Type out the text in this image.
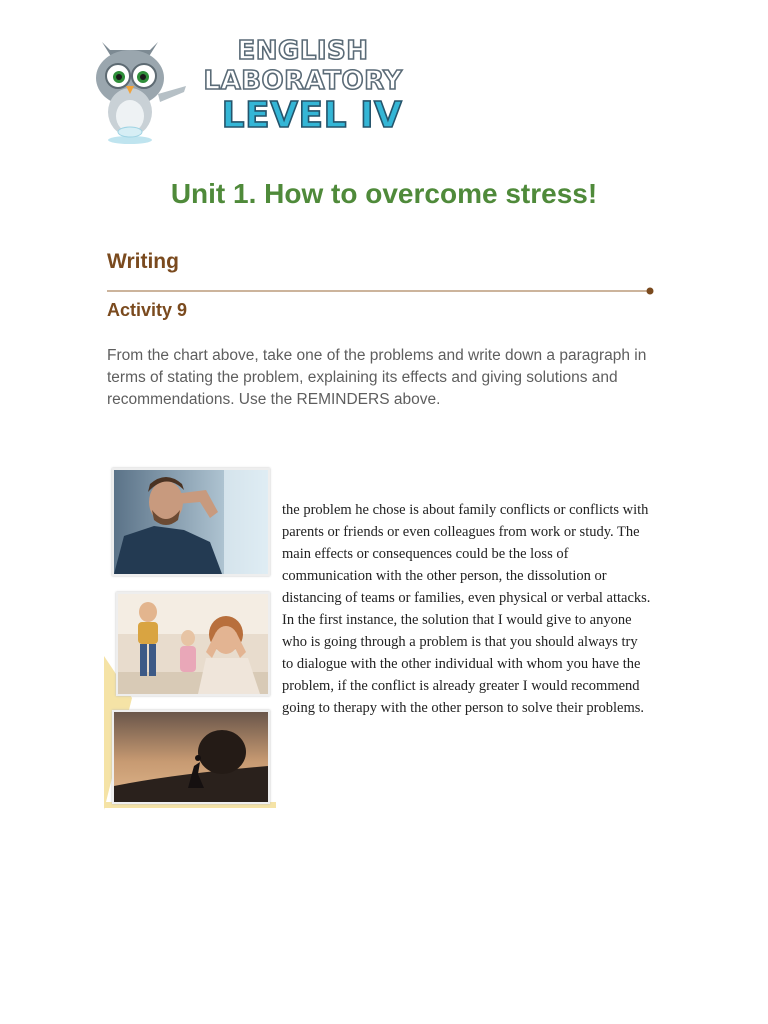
ENGLISH
LABORATORY
LEVEL IV
Unit 1. How to overcome stress!
Writing
Activity 9

From the chart above, take one of the problems and write down a paragraph in terms of stating the problem, explaining its effects and giving solutions and recommendations. Use the REMINDERS above.

the problem he chose is about family conflicts or conflicts with parents or friends or even colleagues from work or study. The main effects or consequences could be the loss of communication with the other person, the dissolution or distancing of teams or families, even physical or verbal attacks. In the first instance, the solution that I would give to anyone who is going through a problem is that you should always try to dialogue with the other individual with whom you have the problem, if the conflict is already greater I would recommend going to therapy with the other person to solve their problems.
